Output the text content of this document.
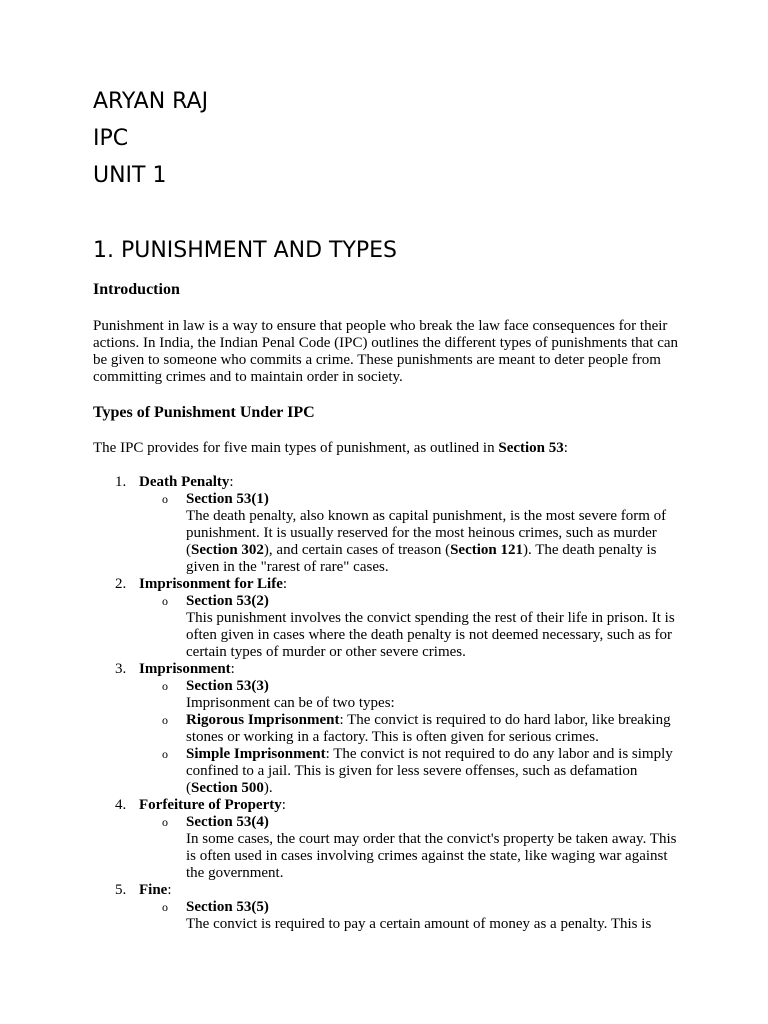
ARYAN RAJ
IPC
UNIT 1
1. PUNISHMENT AND TYPES
Introduction

Punishment in law is a way to ensure that people who break the law face consequences for their actions. In India, the Indian Penal Code (IPC) outlines the different types of punishments that can be given to someone who commits a crime. These punishments are meant to deter people from committing crimes and to maintain order in society.

Types of Punishment Under IPC

The IPC provides for five main types of punishment, as outlined in Section 53:

1. Death Penalty:
o Section 53(1)
The death penalty, also known as capital punishment, is the most severe form of punishment. It is usually reserved for the most heinous crimes, such as murder (Section 302), and certain cases of treason (Section 121). The death penalty is given in the "rarest of rare" cases.
2. Imprisonment for Life:
o Section 53(2)
This punishment involves the convict spending the rest of their life in prison. It is often given in cases where the death penalty is not deemed necessary, such as for certain types of murder or other severe crimes.
3. Imprisonment:
o Section 53(3)
Imprisonment can be of two types:
o Rigorous Imprisonment: The convict is required to do hard labor, like breaking stones or working in a factory. This is often given for serious crimes.
o Simple Imprisonment: The convict is not required to do any labor and is simply confined to a jail. This is given for less severe offenses, such as defamation (Section 500).
4. Forfeiture of Property:
o Section 53(4)
In some cases, the court may order that the convict's property be taken away. This is often used in cases involving crimes against the state, like waging war against the government.
5. Fine:
o Section 53(5)
The convict is required to pay a certain amount of money as a penalty. This is
